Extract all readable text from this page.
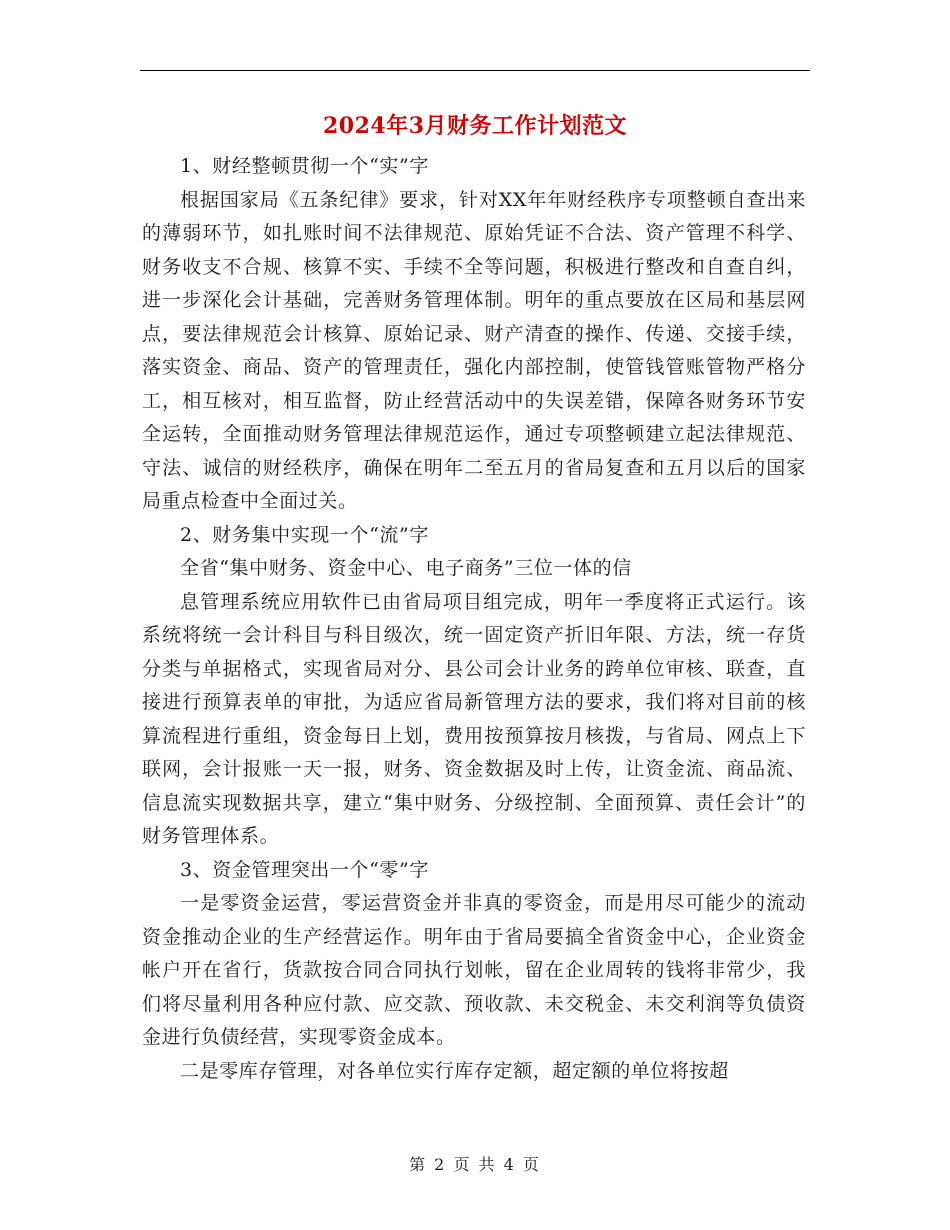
2024年3月财务工作计划范文

1、财经整顿贯彻一个“实”字

根据国家局《五条纪律》要求，针对XX年年财经秩序专项整顿自查出来的薄弱环节，如扎账时间不法律规范、原始凭证不合法、资产管理不科学、财务收支不合规、核算不实、手续不全等问题，积极进行整改和自查自纠，进一步深化会计基础，完善财务管理体制。明年的重点要放在区局和基层网点，要法律规范会计核算、原始记录、财产清查的操作、传递、交接手续，落实资金、商品、资产的管理责任，强化内部控制，使管钱管账管物严格分工，相互核对，相互监督，防止经营活动中的失误差错，保障各财务环节安全运转，全面推动财务管理法律规范运作，通过专项整顿建立起法律规范、守法、诚信的财经秩序，确保在明年二至五月的省局复查和五月以后的国家局重点检查中全面过关。

2、财务集中实现一个“流”字

全省“集中财务、资金中心、电子商务”三位一体的信

息管理系统应用软件已由省局项目组完成，明年一季度将正式运行。该系统将统一会计科目与科目级次，统一固定资产折旧年限、方法，统一存货分类与单据格式，实现省局对分、县公司会计业务的跨单位审核、联查，直接进行预算表单的审批，为适应省局新管理方法的要求，我们将对目前的核算流程进行重组，资金每日上划，费用按预算按月核拨，与省局、网点上下联网，会计报账一天一报，财务、资金数据及时上传，让资金流、商品流、信息流实现数据共享，建立“集中财务、分级控制、全面预算、责任会计”的财务管理体系。

3、资金管理突出一个“零”字

一是零资金运营，零运营资金并非真的零资金，而是用尽可能少的流动资金推动企业的生产经营运作。明年由于省局要搞全省资金中心，企业资金帐户开在省行，货款按合同合同执行划帐，留在企业周转的钱将非常少，我们将尽量利用各种应付款、应交款、预收款、未交税金、未交利润等负债资金进行负债经营，实现零资金成本。

二是零库存管理，对各单位实行库存定额，超定额的单位将按超

第 2 页 共 4 页
